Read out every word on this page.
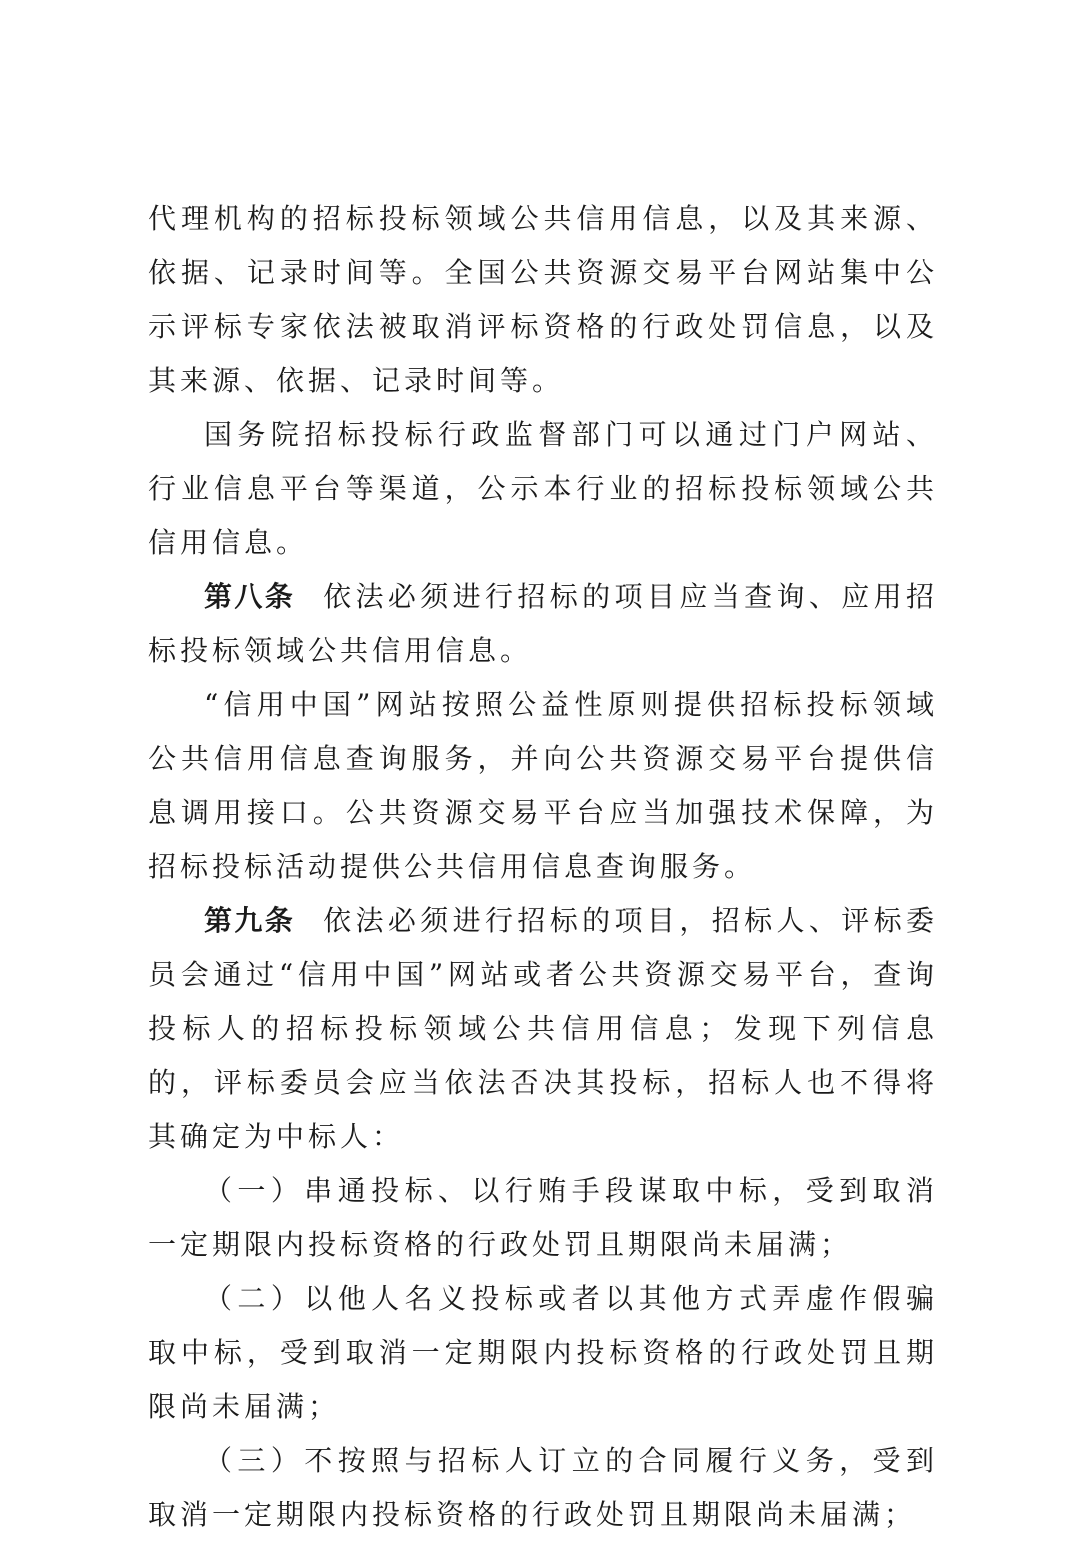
代理机构的招标投标领域公共信用信息，以及其来源、依据、记录时间等。全国公共资源交易平台网站集中公示评标专家依法被取消评标资格的行政处罚信息，以及其来源、依据、记录时间等。

国务院招标投标行政监督部门可以通过门户网站、行业信息平台等渠道，公示本行业的招标投标领域公共信用信息。

第八条 依法必须进行招标的项目应当查询、应用招标投标领域公共信用信息。

“信用中国”网站按照公益性原则提供招标投标领域公共信用信息查询服务，并向公共资源交易平台提供信息调用接口。公共资源交易平台应当加强技术保障，为招标投标活动提供公共信用信息查询服务。

第九条 依法必须进行招标的项目，招标人、评标委员会通过“信用中国”网站或者公共资源交易平台，查询投标人的招标投标领域公共信用信息；发现下列信息的，评标委员会应当依法否决其投标，招标人也不得将其确定为中标人：

（一）串通投标、以行贿手段谋取中标，受到取消一定期限内投标资格的行政处罚且期限尚未届满；

（二）以他人名义投标或者以其他方式弄虚作假骗取中标，受到取消一定期限内投标资格的行政处罚且期限尚未届满；

（三）不按照与招标人订立的合同履行义务，受到取消一定期限内投标资格的行政处罚且期限尚未届满；
